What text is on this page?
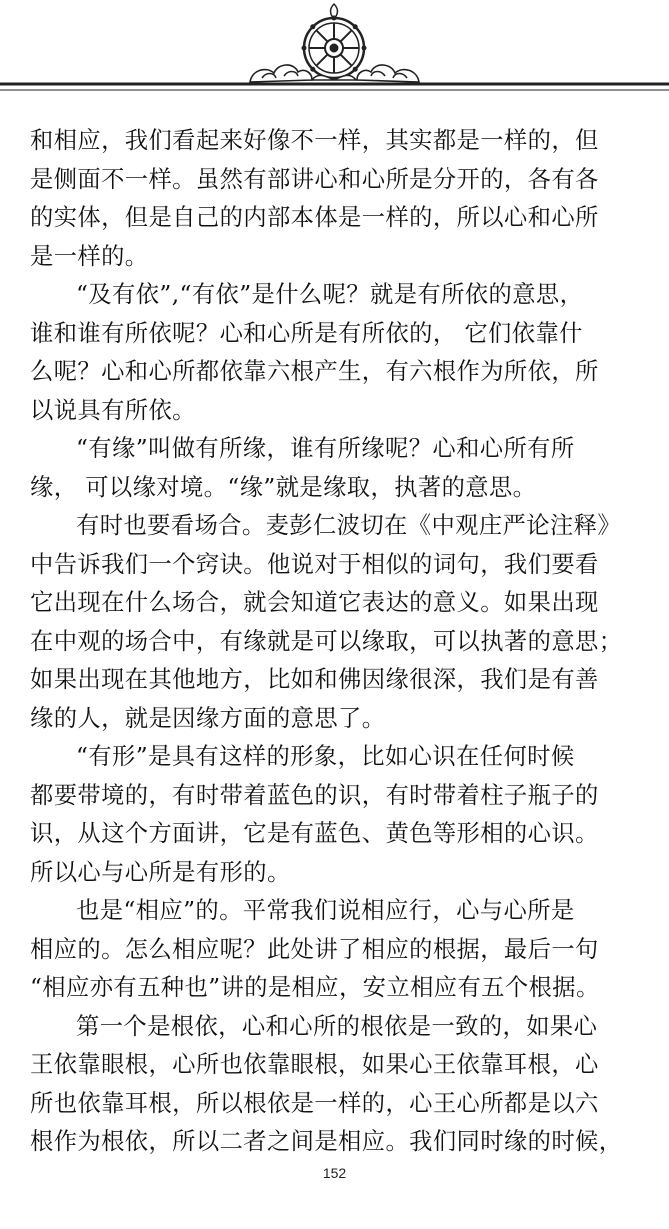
和相应，我们看起来好像不一样，其实都是一样的，但
是侧面不一样。虽然有部讲心和心所是分开的，各有各
的实体，但是自己的内部本体是一样的，所以心和心所
是一样的。
“及有依”,“有依”是什么呢？就是有所依的意思，
谁和谁有所依呢？心和心所是有所依的， 它们依靠什
么呢？心和心所都依靠六根产生，有六根作为所依，所
以说具有所依。
“有缘”叫做有所缘，谁有所缘呢？心和心所有所
缘， 可以缘对境。“缘”就是缘取，执著的意思。
有时也要看场合。麦彭仁波切在《中观庄严论注释》
中告诉我们一个窍诀。他说对于相似的词句，我们要看
它出现在什么场合，就会知道它表达的意义。如果出现
在中观的场合中，有缘就是可以缘取，可以执著的意思；
如果出现在其他地方，比如和佛因缘很深，我们是有善
缘的人，就是因缘方面的意思了。
“有形”是具有这样的形象，比如心识在任何时候
都要带境的，有时带着蓝色的识，有时带着柱子瓶子的
识，从这个方面讲，它是有蓝色、黄色等形相的心识。
所以心与心所是有形的。
也是“相应”的。平常我们说相应行，心与心所是
相应的。怎么相应呢？此处讲了相应的根据，最后一句
“相应亦有五种也”讲的是相应，安立相应有五个根据。
第一个是根依，心和心所的根依是一致的，如果心
王依靠眼根，心所也依靠眼根，如果心王依靠耳根，心
所也依靠耳根，所以根依是一样的，心王心所都是以六
根作为根依，所以二者之间是相应。我们同时缘的时候，
152
